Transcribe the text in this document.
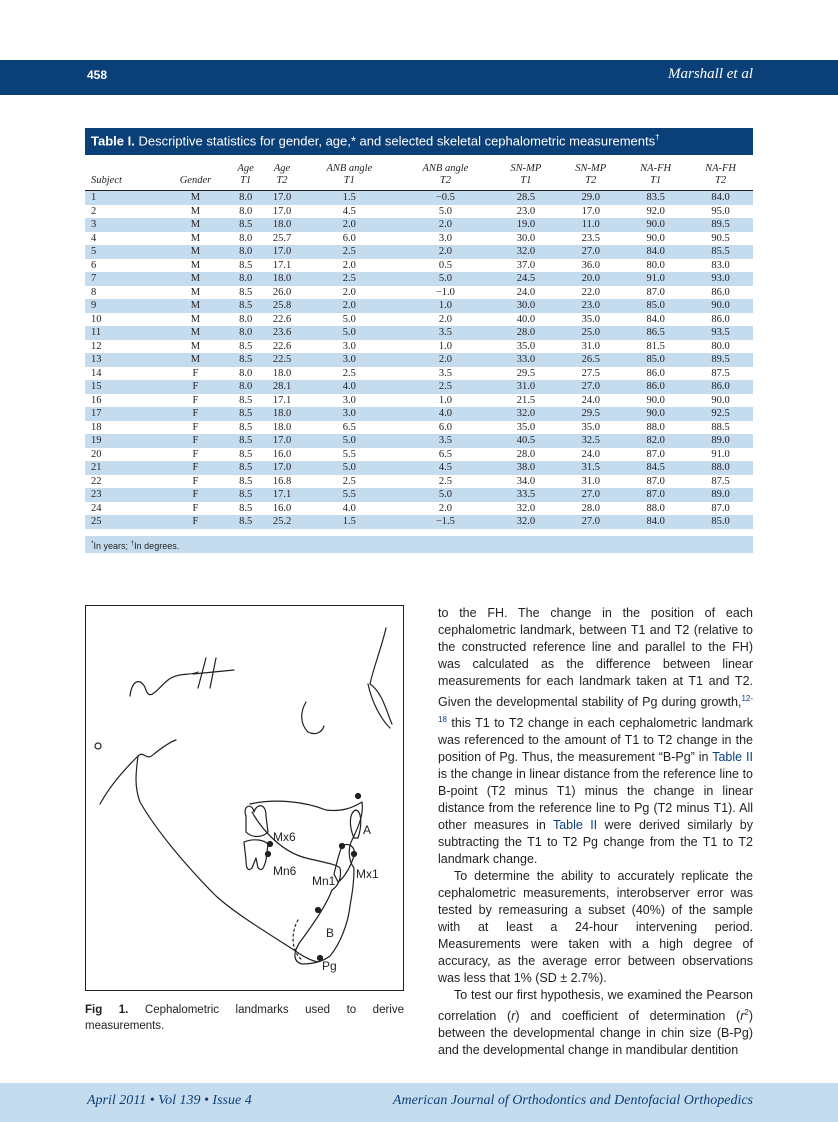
458	Marshall et al
Table I. Descriptive statistics for gender, age,* and selected skeletal cephalometric measurements†
		Age	Age	ANB angle	ANB angle	SN-MP	SN-MP	NA-FH	NA-FH
Subject	Gender	T1	T2	T1	T2	T1	T2	T1	T2
1	M	8.0	17.0	1.5	−0.5	28.5	29.0	83.5	84.0
2	M	8.0	17.0	4.5	5.0	23.0	17.0	92.0	95.0
3	M	8.5	18.0	2.0	2.0	19.0	11.0	90.0	89.5
4	M	8.0	25.7	6.0	3.0	30.0	23.5	90.0	90.5
5	M	8.0	17.0	2.5	2.0	32.0	27.0	84.0	85.5
6	M	8.5	17.1	2.0	0.5	37.0	36.0	80.0	83.0
7	M	8.0	18.0	2.5	5.0	24.5	20.0	91.0	93.0
8	M	8.5	26.0	2.0	−1.0	24.0	22.0	87.0	86.0
9	M	8.5	25.8	2.0	1.0	30.0	23.0	85.0	90.0
10	M	8.0	22.6	5.0	2.0	40.0	35.0	84.0	86.0
11	M	8.0	23.6	5.0	3.5	28.0	25.0	86.5	93.5
12	M	8.5	22.6	3.0	1.0	35.0	31.0	81.5	80.0
13	M	8.5	22.5	3.0	2.0	33.0	26.5	85.0	89.5
14	F	8.0	18.0	2.5	3.5	29.5	27.5	86.0	87.5
15	F	8.0	28.1	4.0	2.5	31.0	27.0	86.0	86.0
16	F	8.5	17.1	3.0	1.0	21.5	24.0	90.0	90.0
17	F	8.5	18.0	3.0	4.0	32.0	29.5	90.0	92.5
18	F	8.5	18.0	6.5	6.0	35.0	35.0	88.0	88.5
19	F	8.5	17.0	5.0	3.5	40.5	32.5	82.0	89.0
20	F	8.5	16.0	5.5	6.5	28.0	24.0	87.0	91.0
21	F	8.5	17.0	5.0	4.5	38.0	31.5	84.5	88.0
22	F	8.5	16.8	2.5	2.5	34.0	31.0	87.0	87.5
23	F	8.5	17.1	5.5	5.0	33.5	27.0	87.0	89.0
24	F	8.5	16.0	4.0	2.0	32.0	28.0	88.0	87.0
25	F	8.5	25.2	1.5	−1.5	32.0	27.0	84.0	85.0
*In years; †In degrees.
Mx6
Mn6
Mn1 Mx1
A
B
Pg
Fig 1. Cephalometric landmarks used to derive measurements.

to the FH. The change in the position of each cephalometric landmark, between T1 and T2 (relative to the constructed reference line and parallel to the FH) was calculated as the difference between linear measurements for each landmark taken at T1 and T2. Given the developmental stability of Pg during growth,$^{12-18}$ this T1 to T2 change in each cephalometric landmark was referenced to the amount of T1 to T2 change in the position of Pg. Thus, the measurement “B-Pg” in Table II is the change in linear distance from the reference line to B-point (T2 minus T1) minus the change in linear distance from the reference line to Pg (T2 minus T1). All other measures in Table II were derived similarly by subtracting the T1 to T2 Pg change from the T1 to T2 landmark change.

To determine the ability to accurately replicate the cephalometric measurements, interobserver error was tested by remeasuring a subset (40%) of the sample with at least a 24-hour intervening period. Measurements were taken with a high degree of accuracy, as the average error between observations was less that 1% (SD ± 2.7%).

To test our first hypothesis, we examined the Pearson correlation (r) and coefficient of determination $(r^2)$ between the developmental change in chin size (B-Pg) and the developmental change in mandibular dentition

April 2011 • Vol 139 • Issue 4	American Journal of Orthodontics and Dentofacial Orthopedics
